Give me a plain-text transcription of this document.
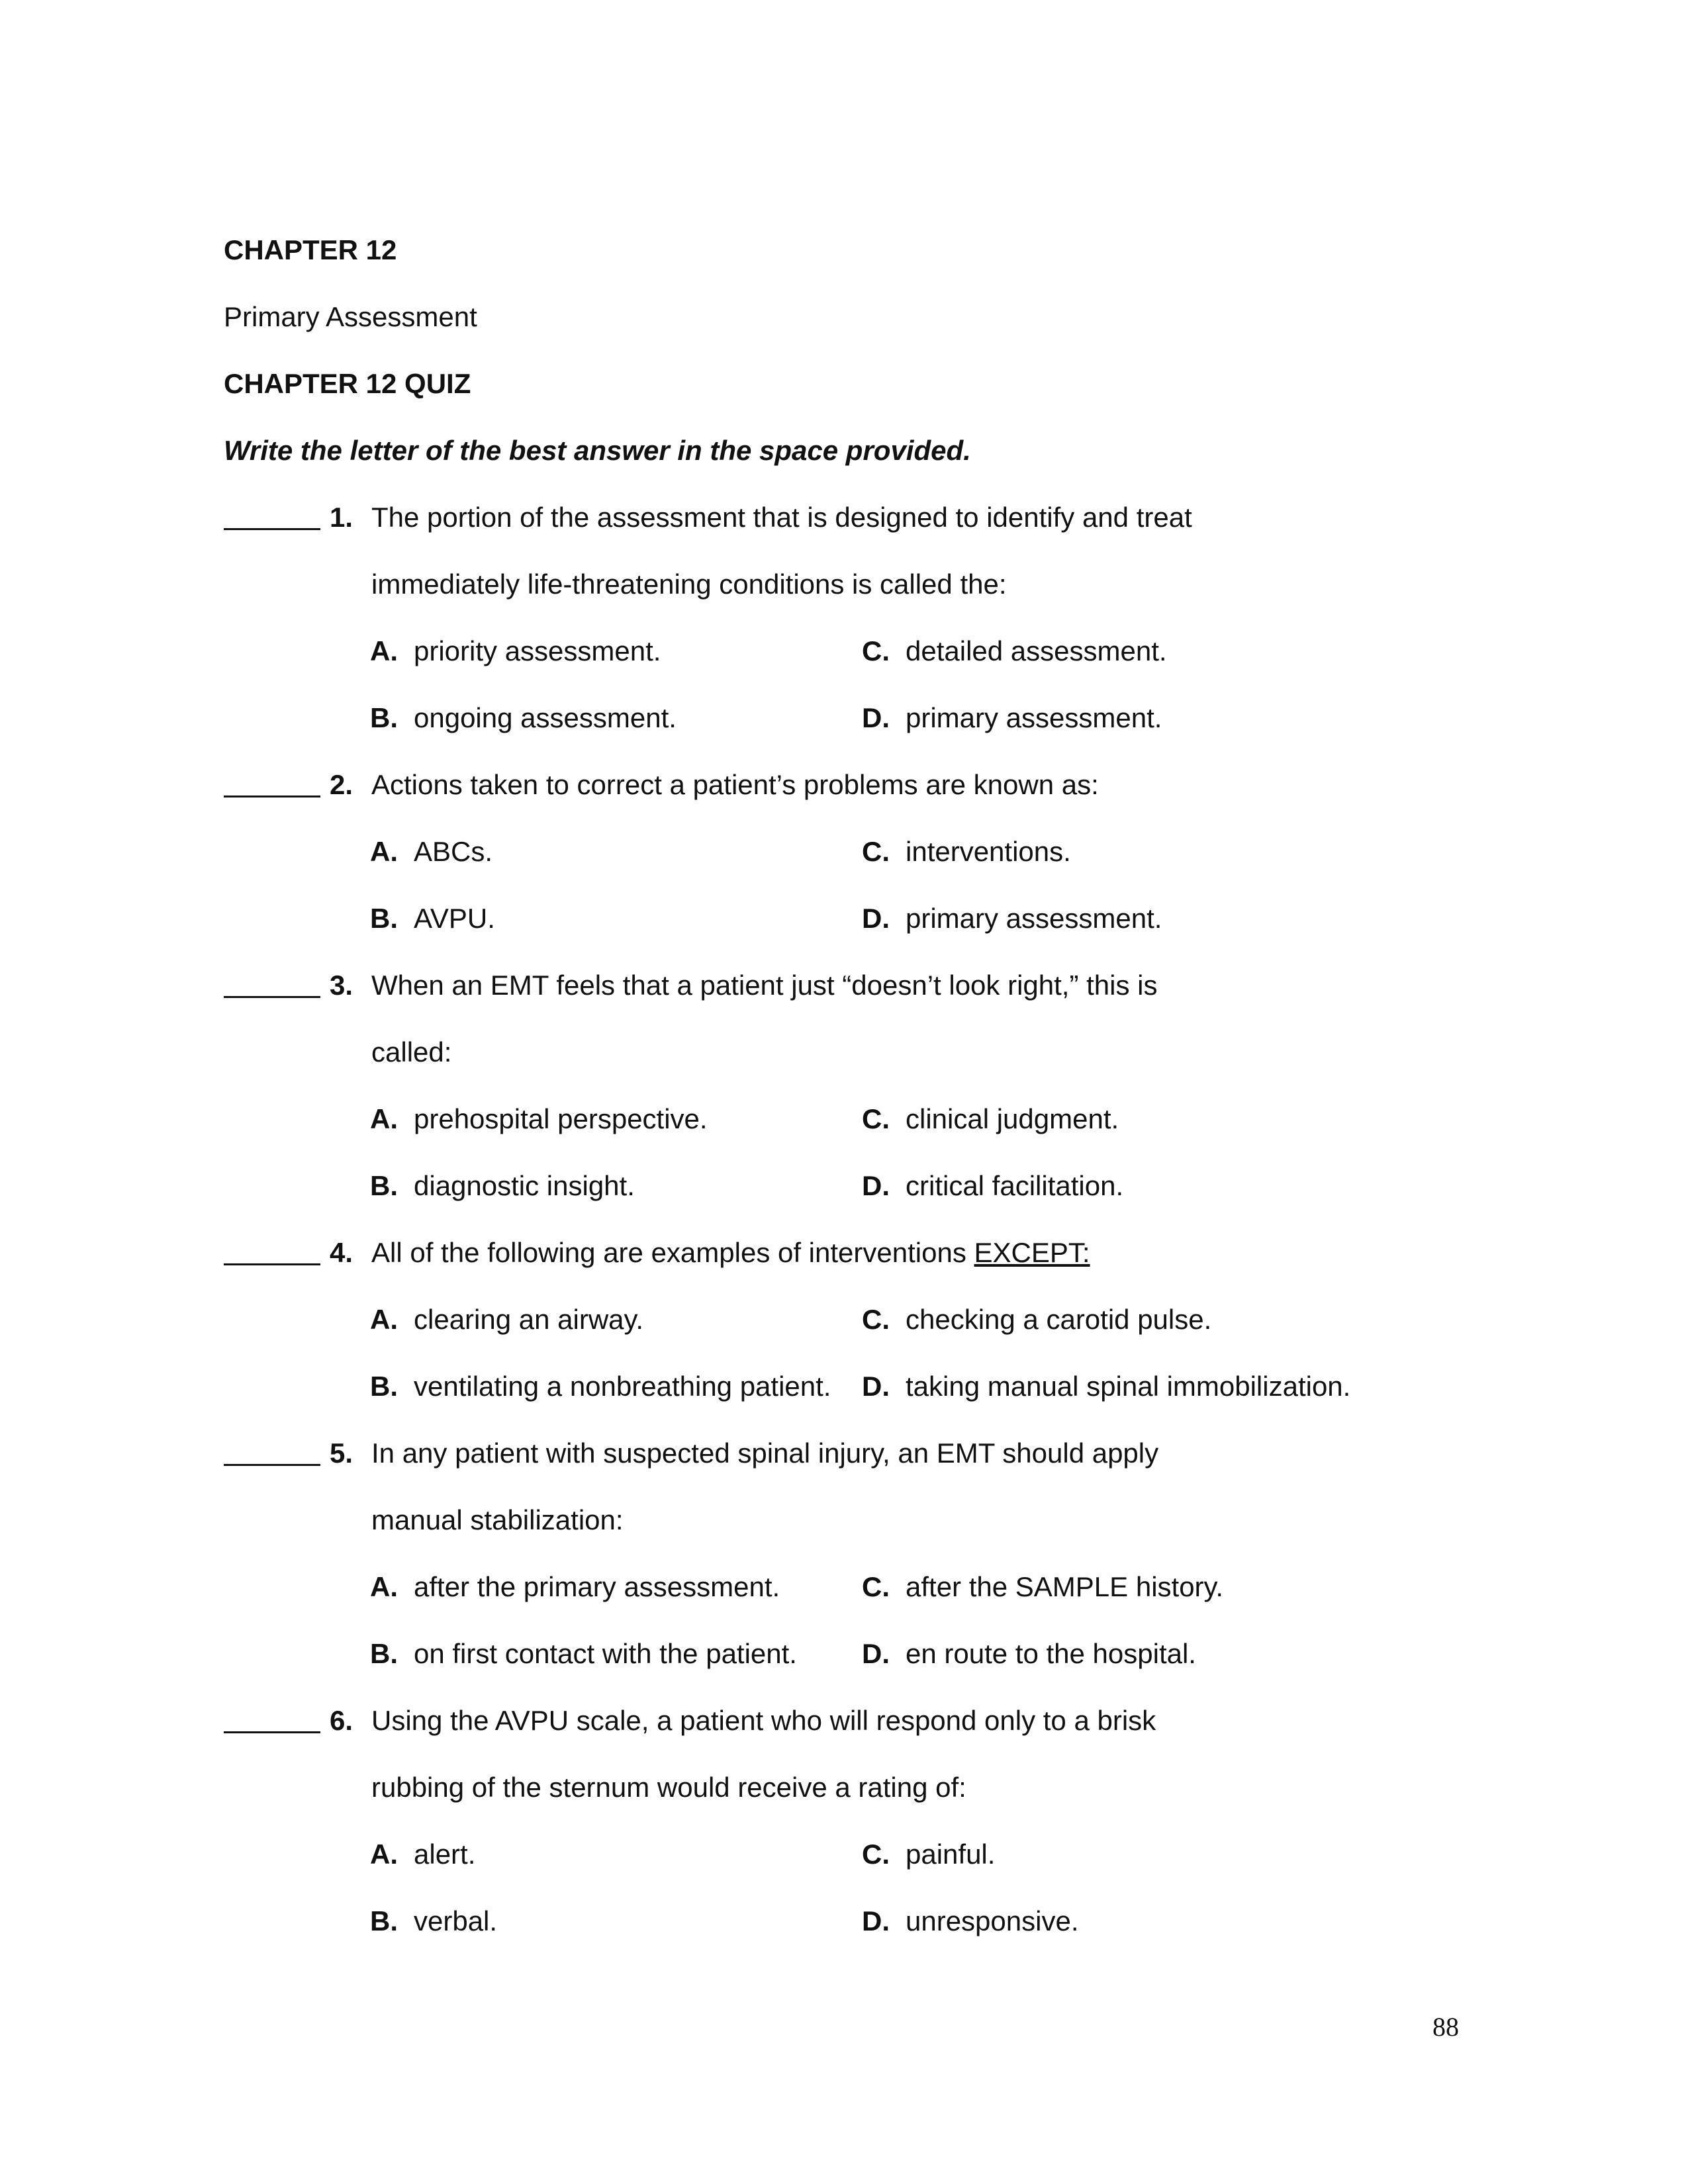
CHAPTER 12
Primary Assessment
CHAPTER 12 QUIZ
Write the letter of the best answer in the space provided.
1. The portion of the assessment that is designed to identify and treat
immediately life-threatening conditions is called the:
A. priority assessment.	C. detailed assessment.
B. ongoing assessment.	D. primary assessment.
2. Actions taken to correct a patient’s problems are known as:
A. ABCs.	C. interventions.
B. AVPU.	D. primary assessment.
3. When an EMT feels that a patient just “doesn’t look right,” this is
called:
A. prehospital perspective.	C. clinical judgment.
B. diagnostic insight.	D. critical facilitation.
4. All of the following are examples of interventions EXCEPT:
A. clearing an airway.	C. checking a carotid pulse.
B. ventilating a nonbreathing patient. D. taking manual spinal immobilization.
5. In any patient with suspected spinal injury, an EMT should apply
manual stabilization:
A. after the primary assessment.	C. after the SAMPLE history.
B. on first contact with the patient. D. en route to the hospital.
6. Using the AVPU scale, a patient who will respond only to a brisk
rubbing of the sternum would receive a rating of:
A. alert.	C. painful.
B. verbal.	D. unresponsive.
88
